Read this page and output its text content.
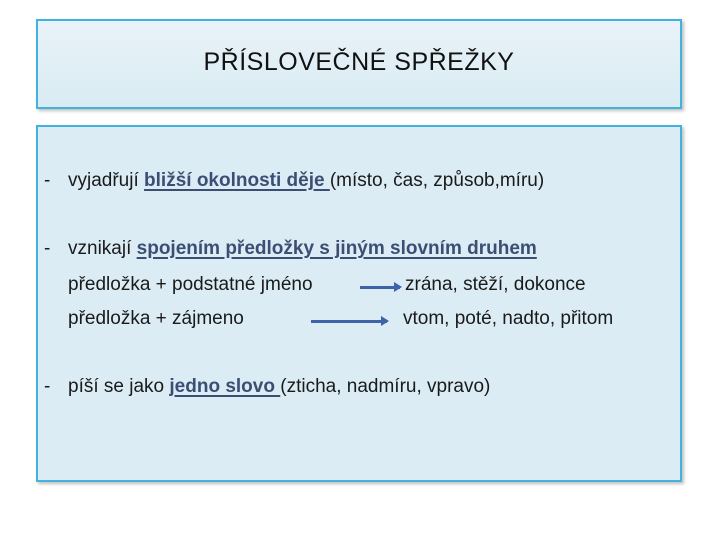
PŘÍSLOVEČNÉ SPŘEŽKY
- vyjadřují bližší okolnosti děje (místo, čas, způsob,míru)
- vznikají spojením předložky s jiným slovním druhem
předložka + podstatné jméno	zrána, stěží, dokonce
předložka + zájmeno	vtom, poté, nadto, přitom
- píší se jako jedno slovo (zticha, nadmíru, vpravo)
